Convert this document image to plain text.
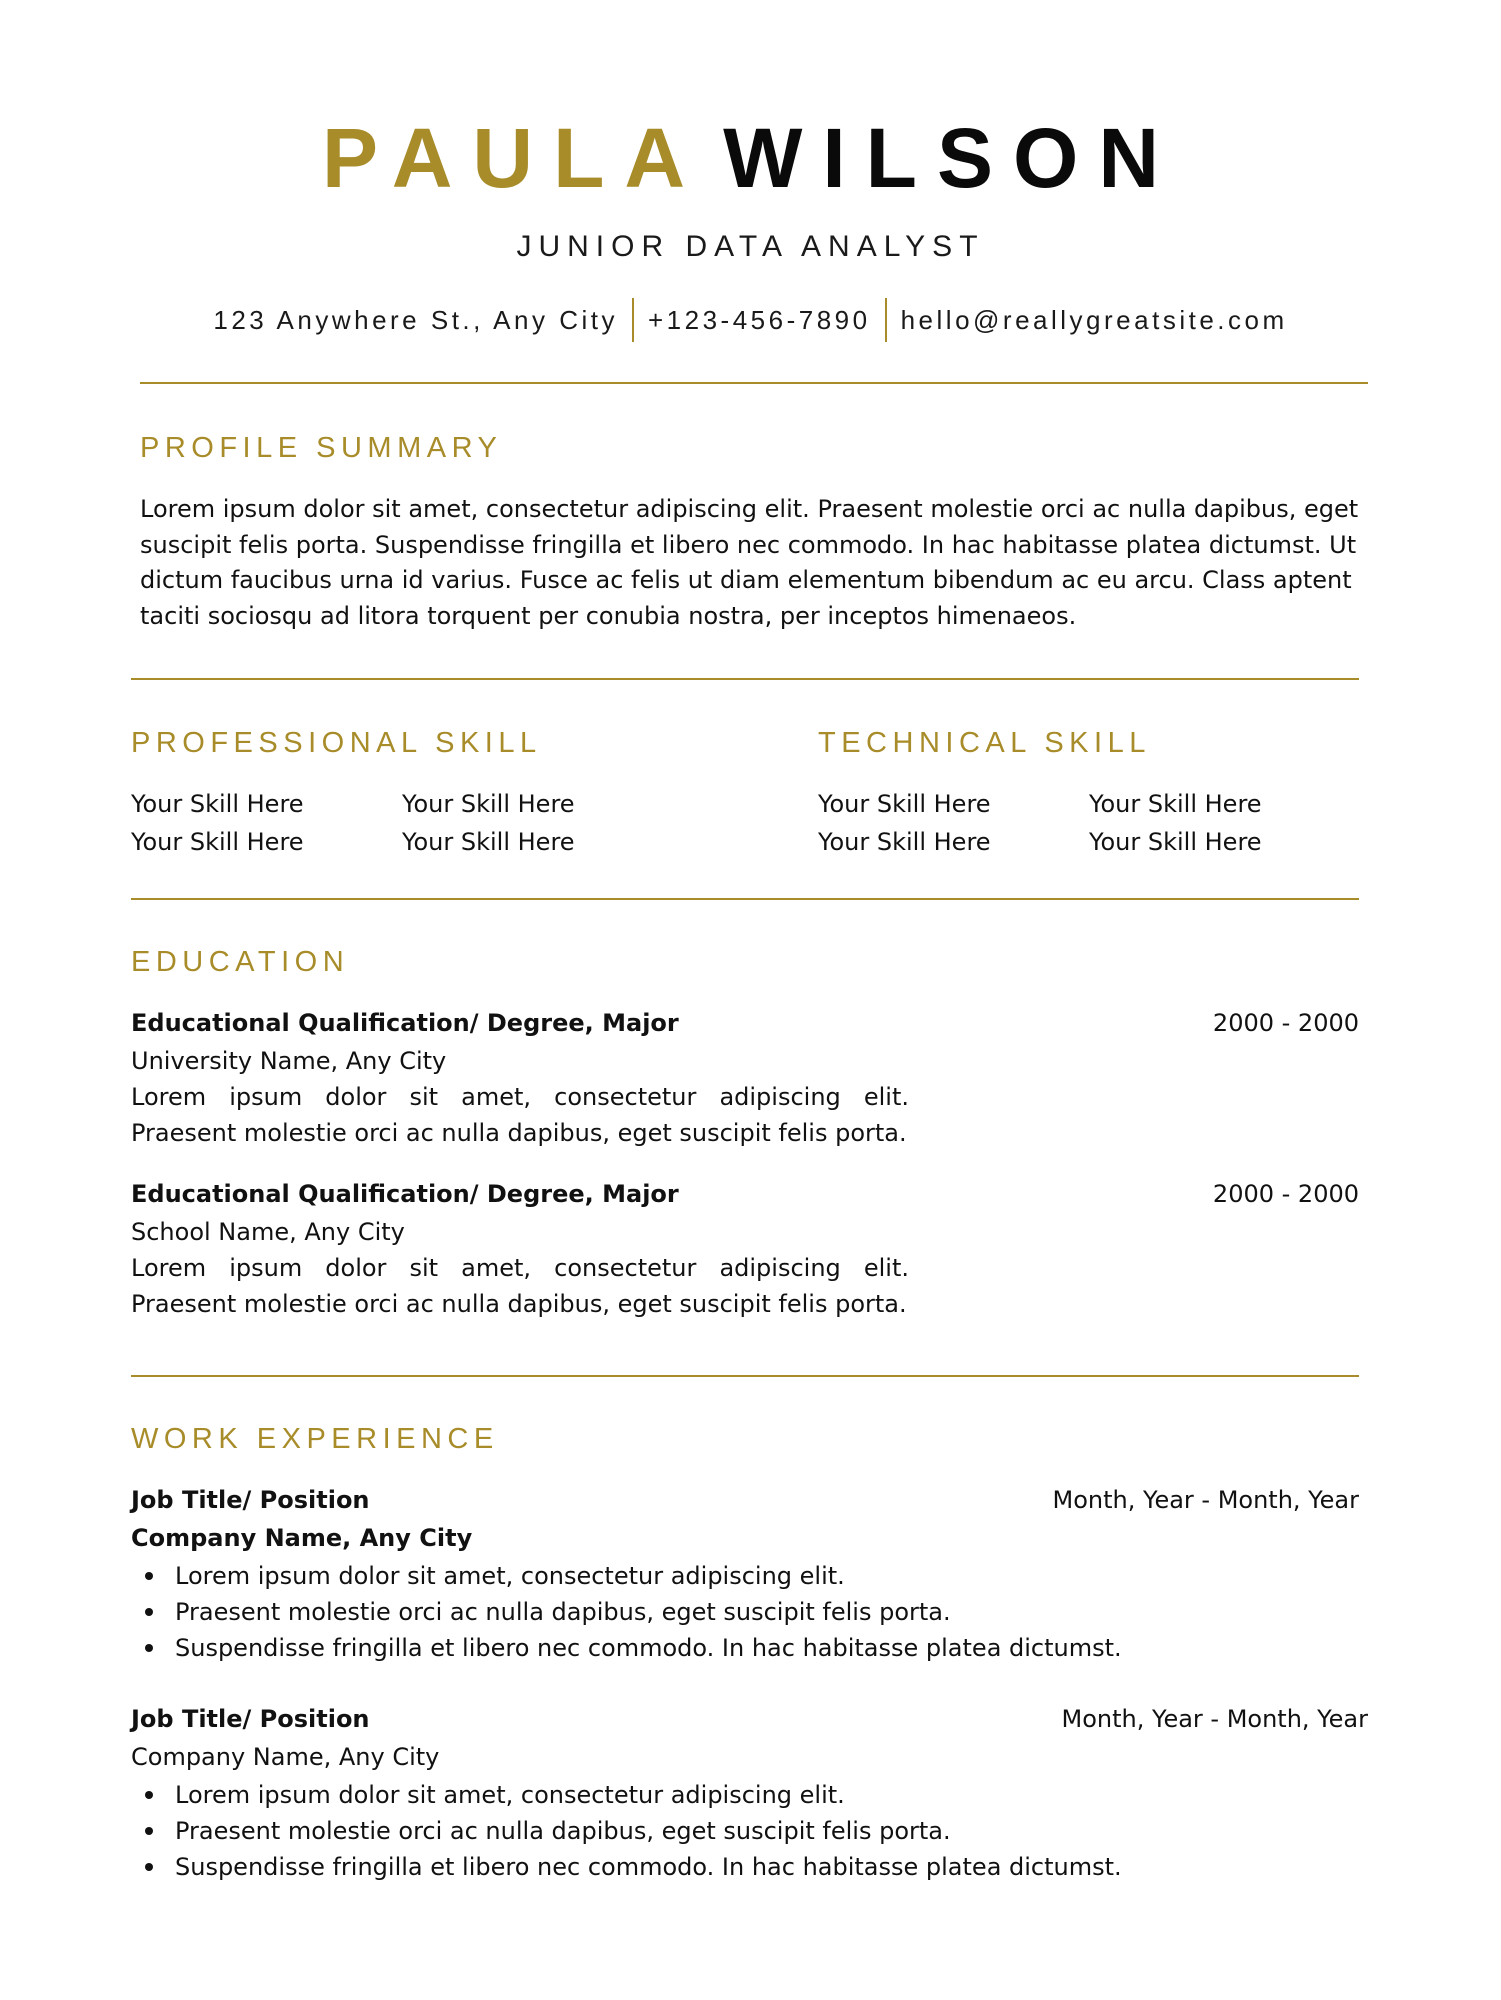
PAULA WILSON
JUNIOR DATA ANALYST
123 Anywhere St., Any City +123-456-7890 hello@reallygreatsite.com
PROFILE SUMMARY
Lorem ipsum dolor sit amet, consectetur adipiscing elit. Praesent molestie orci ac nulla dapibus, eget suscipit felis porta. Suspendisse fringilla et libero nec commodo. In hac habitasse platea dictumst. Ut dictum faucibus urna id varius. Fusce ac felis ut diam elementum bibendum ac eu arcu. Class aptent taciti sociosqu ad litora torquent per conubia nostra, per inceptos himenaeos.
PROFESSIONAL SKILL
Your Skill Here	Your Skill Here
Your Skill Here	Your Skill Here
TECHNICAL SKILL
Your Skill Here	Your Skill Here
Your Skill Here	Your Skill Here
EDUCATION
Educational Qualification/ Degree, Major	2000 - 2000
University Name, Any City
Lorem ipsum dolor sit amet, consectetur adipiscing elit. Praesent molestie orci ac nulla dapibus, eget suscipit felis porta.
Educational Qualification/ Degree, Major	2000 - 2000
School Name, Any City
Lorem ipsum dolor sit amet, consectetur adipiscing elit. Praesent molestie orci ac nulla dapibus, eget suscipit felis porta.
WORK EXPERIENCE
Job Title/ Position	Month, Year - Month, Year
Company Name, Any City
Lorem ipsum dolor sit amet, consectetur adipiscing elit.
Praesent molestie orci ac nulla dapibus, eget suscipit felis porta.
Suspendisse fringilla et libero nec commodo. In hac habitasse platea dictumst.
Job Title/ Position	Month, Year - Month, Year
Company Name, Any City
Lorem ipsum dolor sit amet, consectetur adipiscing elit.
Praesent molestie orci ac nulla dapibus, eget suscipit felis porta.
Suspendisse fringilla et libero nec commodo. In hac habitasse platea dictumst.
